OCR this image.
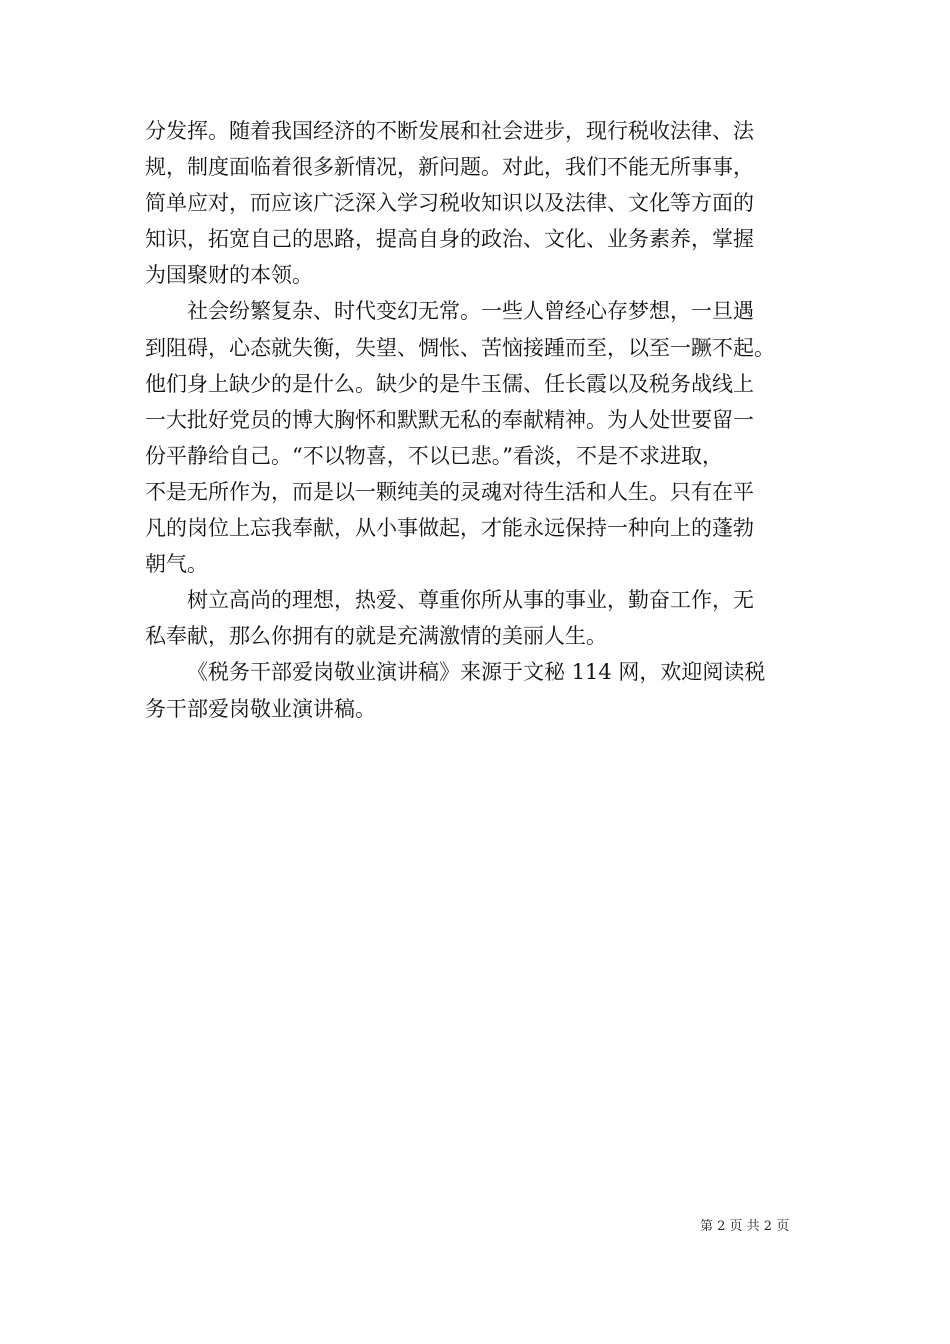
分发挥。随着我国经济的不断发展和社会进步，现行税收法律、法
规，制度面临着很多新情况，新问题。对此，我们不能无所事事，
简单应对，而应该广泛深入学习税收知识以及法律、文化等方面的
知识，拓宽自己的思路，提高自身的政治、文化、业务素养，掌握
为国聚财的本领。
社会纷繁复杂、时代变幻无常。一些人曾经心存梦想，一旦遇
到阻碍，心态就失衡，失望、惆怅、苦恼接踵而至，以至一蹶不起。
他们身上缺少的是什么。缺少的是牛玉儒、任长霞以及税务战线上
一大批好党员的博大胸怀和默默无私的奉献精神。为人处世要留一
份平静给自己。“不以物喜，不以已悲。”看淡，不是不求进取，
不是无所作为，而是以一颗纯美的灵魂对待生活和人生。只有在平
凡的岗位上忘我奉献，从小事做起，才能永远保持一种向上的蓬勃
朝气。
树立高尚的理想，热爱、尊重你所从事的事业，勤奋工作，无
私奉献，那么你拥有的就是充满激情的美丽人生。
《税务干部爱岗敬业演讲稿》来源于文秘 114 网，欢迎阅读税
务干部爱岗敬业演讲稿。
第 2 页 共 2 页
